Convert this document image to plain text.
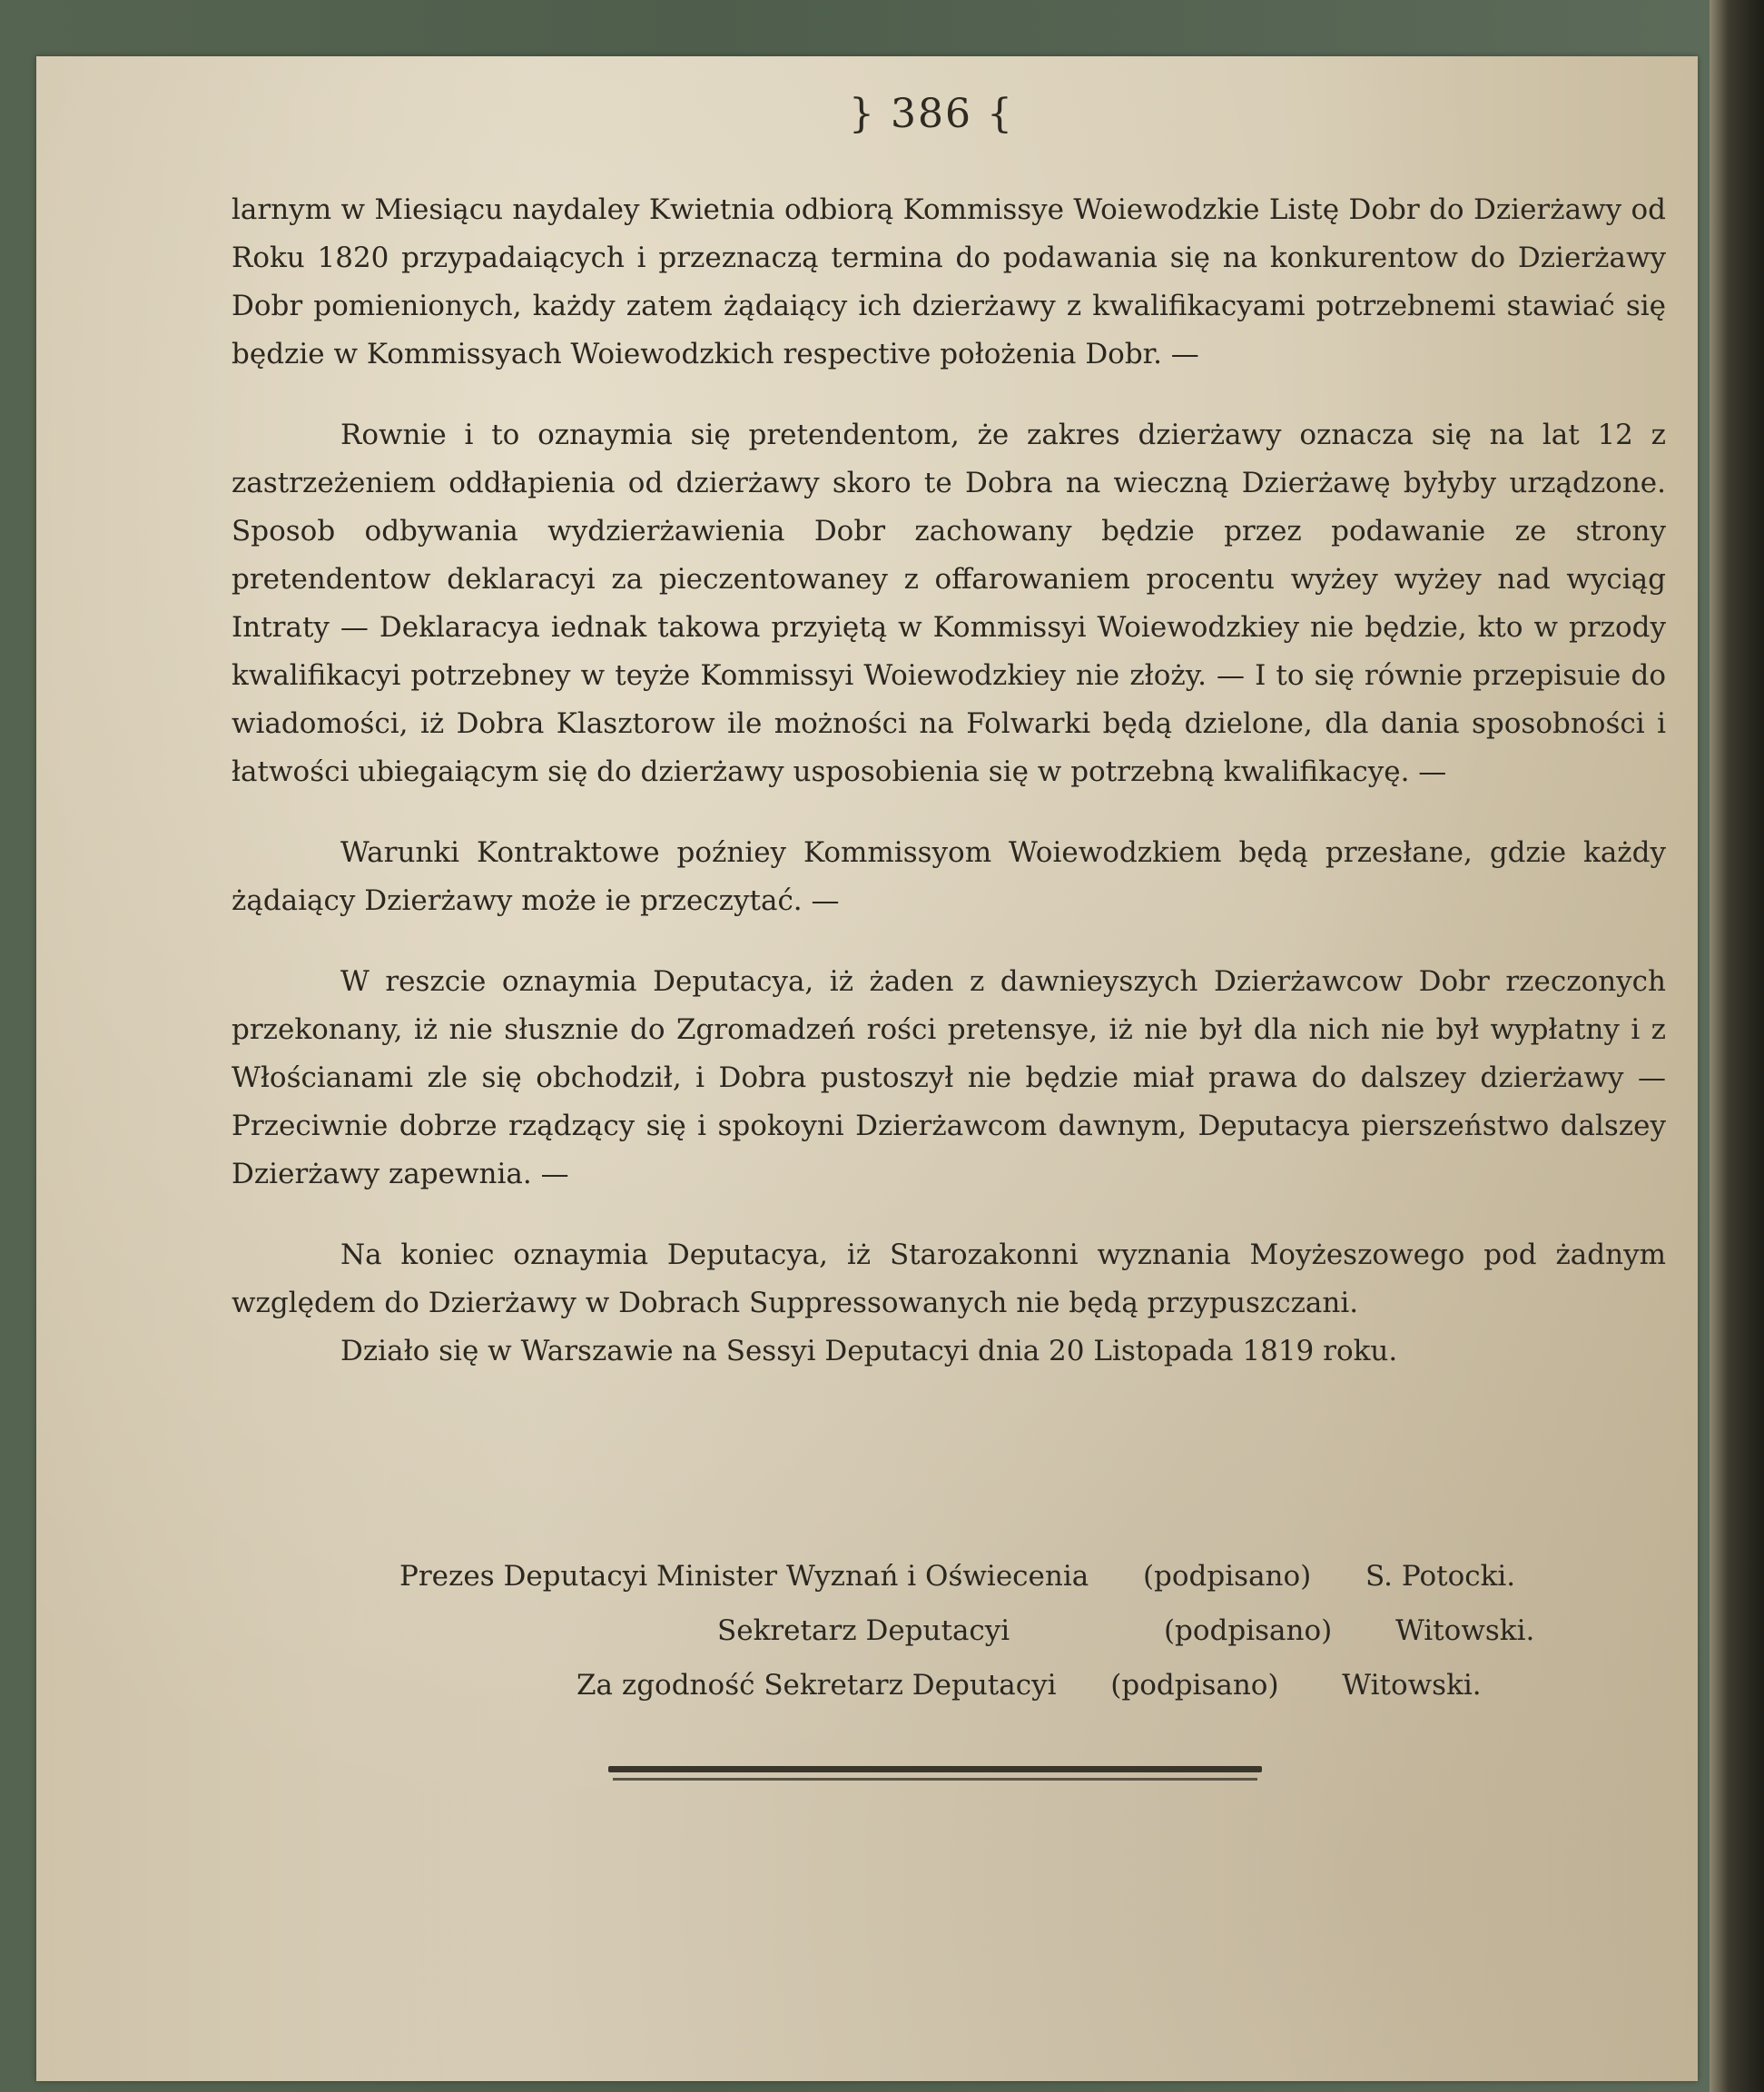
} 386 {

larnym w Miesiącu naydaley Kwietnia odbiorą Kommissye Woiewodzkie Listę Dobr do Dzierżawy od Roku 1820 przypadaiących i przeznaczą termina do podawania się na konkurentow do Dzierżawy Dobr pomienionych, każdy zatem żądaiący ich dzierżawy z kwalifikacyami potrzebnemi stawiać się będzie w Kommissyach Woiewodzkich respective położenia Dobr. —

Rownie i to oznaymia się pretendentom, że zakres dzierżawy oznacza się na lat 12 z zastrzeżeniem oddłapienia od dzierżawy skoro te Dobra na wieczną Dzierżawę byłyby urządzone. Sposob odbywania wydzierżawienia Dobr zachowany będzie przez podawanie ze strony pretendentow deklaracyi za pieczentowaney z offarowaniem procentu wyżey wyżey nad wyciąg Intraty — Deklaracya iednak takowa przyiętą w Kommissyi Woiewodzkiey nie będzie, kto w przody kwalifikacyi potrzebney w teyże Kommissyi Woiewodzkiey nie złoży. — I to się równie przepisuie do wiadomości, iż Dobra Klasztorow ile możności na Folwarki będą dzielone, dla dania sposobności i łatwości ubiegaiącym się do dzierżawy usposobienia się w potrzebną kwalifikacyę. —

Warunki Kontraktowe poźniey Kommissyom Woiewodzkiem będą przesłane, gdzie każdy żądaiący Dzierżawy może ie przeczytać. —

W reszcie oznaymia Deputacya, iż żaden z dawnieyszych Dzierżawcow Dobr rzeczonych przekonany, iż nie słusznie do Zgromadzeń rości pretensye, iż nie był dla nich nie był wypłatny i z Włościanami zle się obchodził, i Dobra pustoszył nie będzie miał prawa do dalszey dzierżawy — Przeciwnie dobrze rządzący się i spokoyni Dzierżawcom dawnym, Deputacya pierszeństwo dalszey Dzierżawy zapewnia. —

Na koniec oznaymia Deputacya, iż Starozakonni wyznania Moyżeszowego pod żadnym względem do Dzierżawy w Dobrach Suppressowanych nie będą przypuszczani.

Działo się w Warszawie na Sessyi Deputacyi dnia 20 Listopada 1819 roku.

Prezes Deputacyi Minister Wyznań i Oświecenia (podpisano) S. Potocki.
Sekretarz Deputacyi	(podpisano) Witowski.
Za zgodność Sekretarz Deputacyi (podpisano) Witowski.
